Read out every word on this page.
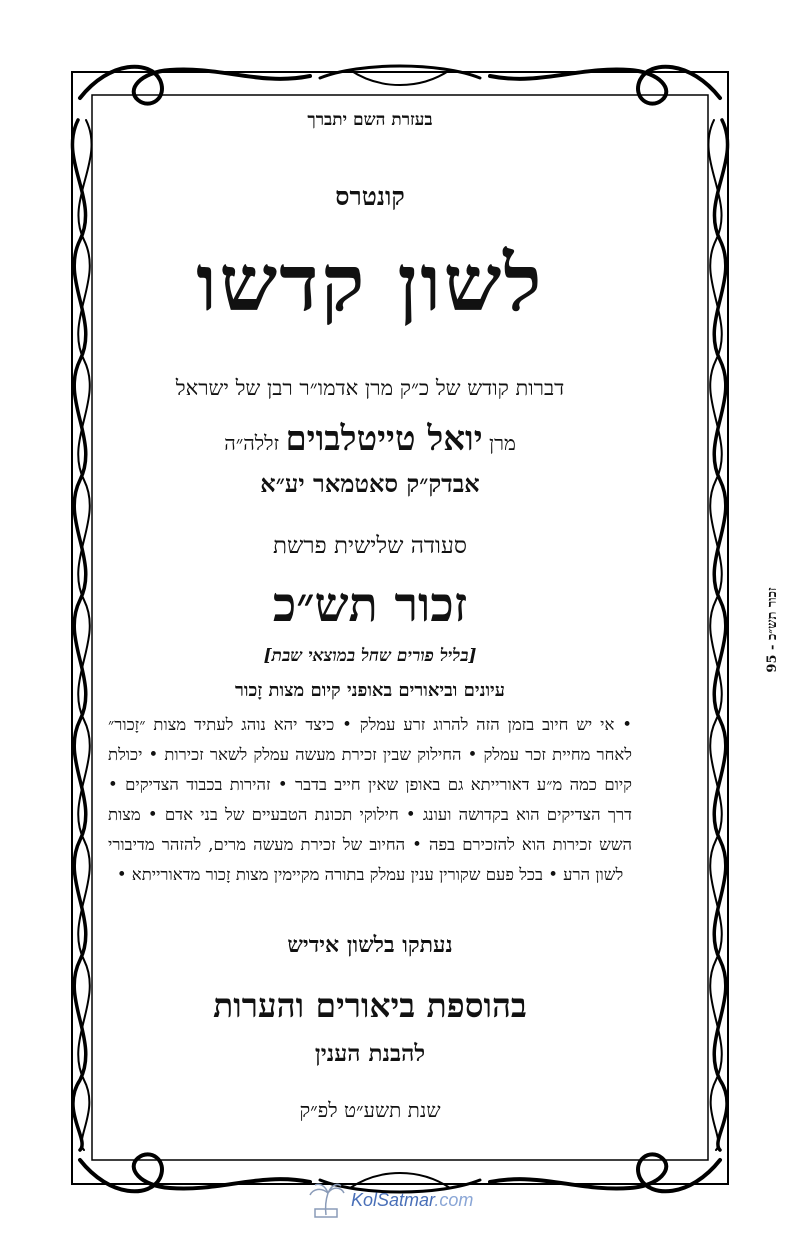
בעזרת השם יתברך
קונטרס
לשון קדשו
דברות קודש של כ״ק מרן אדמו״ר רבן של ישראל
מרן יואל טייטלבוים זללה״ה
אבדק״ק סאטמאר יע״א
סעודה שלישית פרשת
זכור תש״כ
[בליל פורים שחל במוצאי שבת]
עיונים וביאורים באופני קיום מצות זָכור
• אי יש חיוב בזמן הזה להרוג זרע עמלק • כיצד יהא נוהג לעתיד מצות ״זָכור״ לאחר מחיית זכר עמלק • החילוק שבין זכירת מעשה עמלק לשאר זכירות • יכולת קיום כמה מ״ע דאורייתא גם באופן שאין חייב בדבר • זהירות בכבוד הצדיקים • דרך הצדיקים הוא בקדושה ועונג • חילוקי תכונת הטבעיים של בני אדם • מצות השש זכירות הוא להזכירם בפה • החיוב של זכירת מעשה מרים, להזהר מדיבורי לשון הרע • בכל פעם שקורין ענין עמלק בתורה מקיימין מצות זָכור מדאורייתא •
נעתקו בלשון אידיש
בהוספת ביאורים והערות
להבנת הענין
שנת תשע״ט לפ״ק
זכור תש״כ - 95
KolSatmar.com
